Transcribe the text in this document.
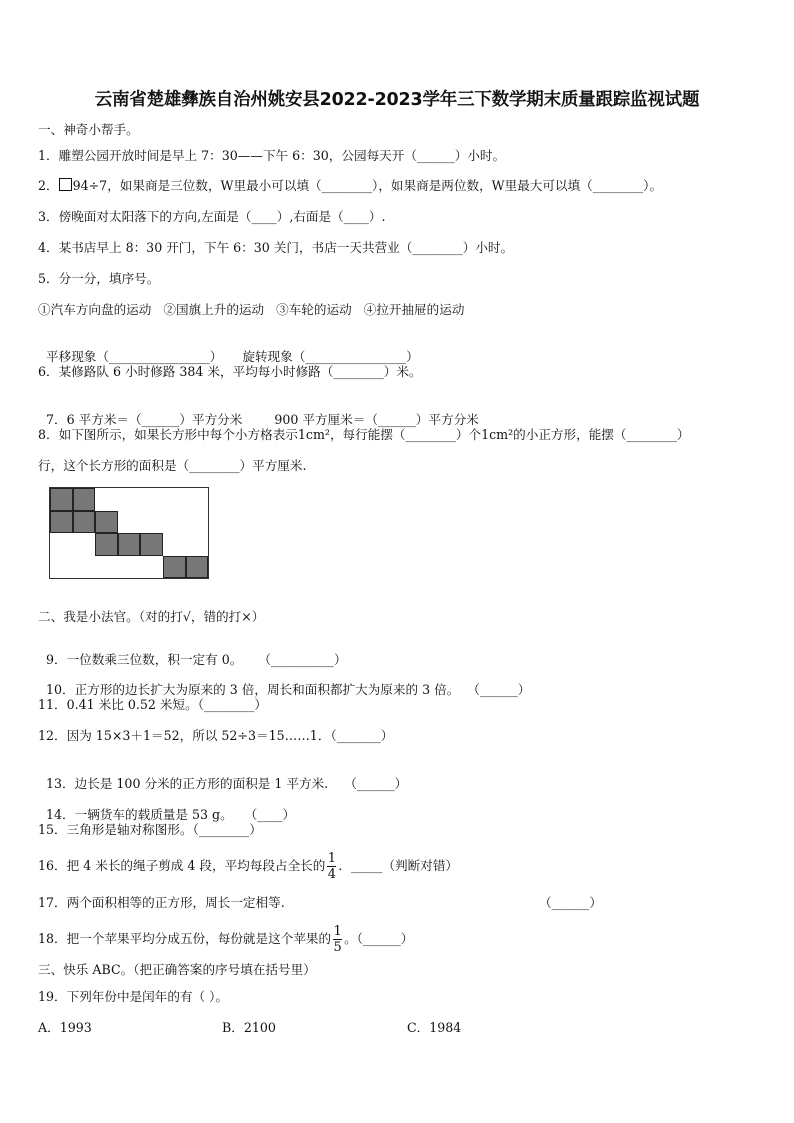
云南省楚雄彝族自治州姚安县2022-2023学年三下数学期末质量跟踪监视试题
一、神奇小帮手。
1．雕塑公园开放时间是早上 7：30——下午 6：30，公园每天开（______）小时。
2． 94÷7，如果商是三位数，W里最小可以填（________），如果商是两位数，W里最大可以填（________）。
3．傍晚面对太阳落下的方向,左面是（____）,右面是（____）.
4．某书店早上 8：30 开门，下午 6：30 关门，书店一天共营业（________）小时。
5．分一分，填序号。
①汽车方向盘的运动   ②国旗上升的运动   ③车轮的运动   ④拉开抽屉的运动

平移现象（________________）     旋转现象（________________）

6．某修路队 6 小时修路 384 米，平均每小时修路（________）米。

7．6 平方米＝（______）平方分米        900 平方厘米＝（______）平方分米

8．如下图所示，如果长方形中每个小方格表示1cm²，每行能摆（________）个1cm²的小正方形，能摆（________）
行，这个长方形的面积是（________）平方厘米.
二、我是小法官。（对的打√，错的打×）

9．一位数乘三位数，积一定有 0。    （__________）

10．正方形的边长扩大为原来的 3 倍，周长和面积都扩大为原来的 3 倍。  （______）

11．0.41 米比 0.52 米短。（________）
12．因为 15×3＋1＝52，所以 52÷3＝15……1．（_______）

13．边长是 100 分米的正方形的面积是 1 平方米.    （______）

14．一辆货车的载质量是 53 g。   （____）

15．三角形是轴对称图形。（________）
16．把 4 米长的绳子剪成 4 段，平均每段占全长的 $\frac{1}{4}$ ．_____（判断对错）
17．两个面积相等的正方形，周长一定相等.	（______）
18．把一个苹果平均分成五份，每份就是这个苹果的 $\frac{1}{5}$ 。（______）
三、快乐 ABC。（把正确答案的序号填在括号里）
19．下列年份中是闰年的有（ ）。
A．1993	B．2100	C．1984
